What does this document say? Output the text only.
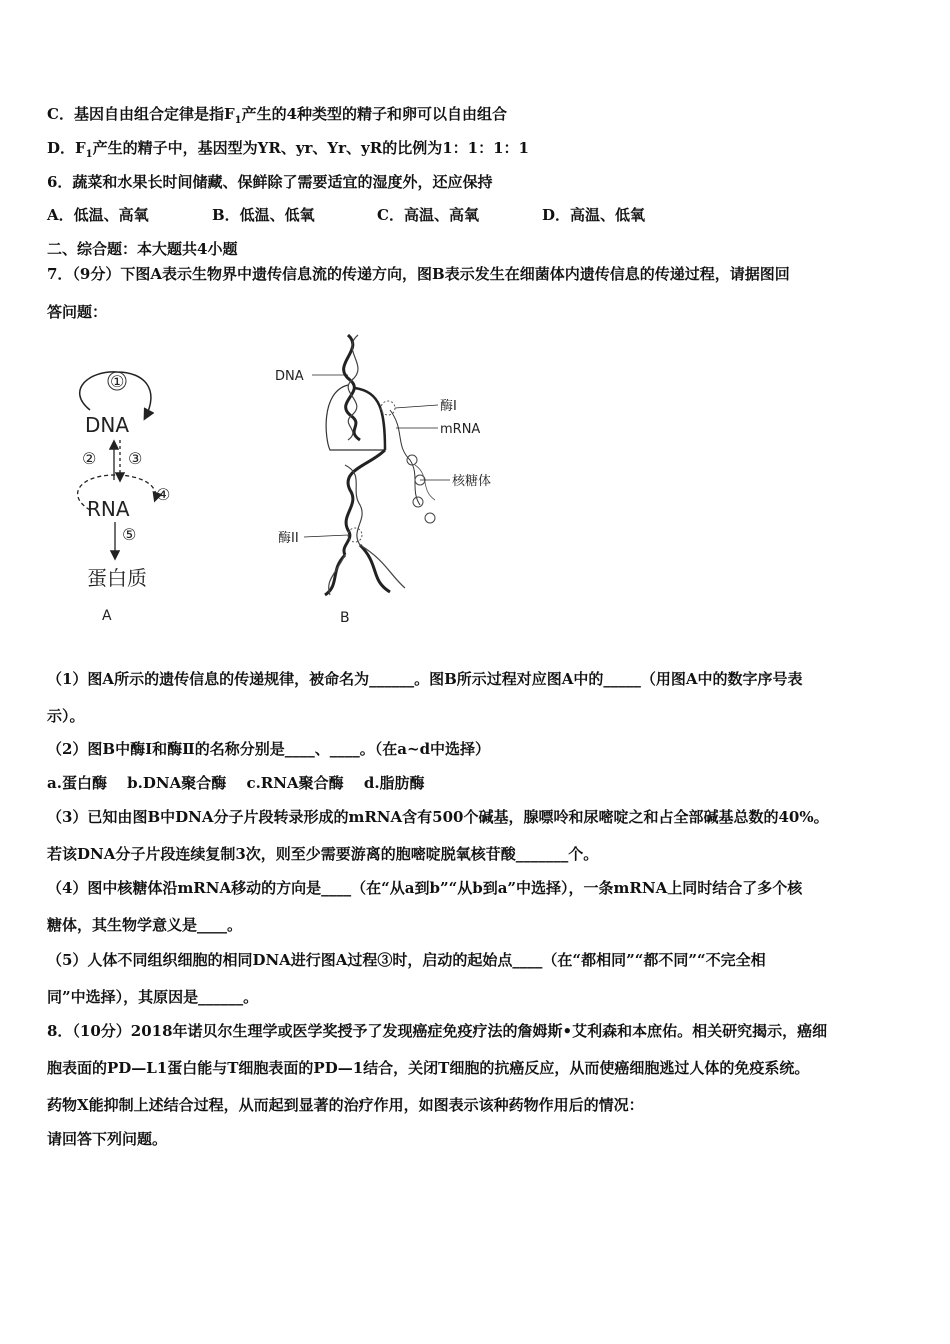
C．基因自由组合定律是指$F_1$产生的4种类型的精子和卵可以自由组合
D．$F_1$产生的精子中，基因型为YR、yr、Yr、yR的比例为1：1：1：1
6．蔬菜和水果长时间储藏、保鲜除了需要适宜的湿度外，还应保持
A．低温、高氧	B．低温、低氧	C．高温、高氧	D．高温、低氧
二、综合题：本大题共4小题
7．（9分）下图A表示生物界中遗传信息流的传递方向，图B表示发生在细菌体内遗传信息的传递过程，请据图回
答问题：
①
DNA
② ③
④
RNA
⑤
蛋白质
A
酶I
mRNA
核糖体
DNA
酶II
B
（1）图A所示的遗传信息的传递规律，被命名为______。图B所示过程对应图A中的_____（用图A中的数字序号表
示）。
（2）图B中酶Ⅰ和酶Ⅱ的名称分别是____、____。（在a~d中选择）
a.蛋白酶　 b.DNA聚合酶　 c.RNA聚合酶　 d.脂肪酶
（3）已知由图B中DNA分子片段转录形成的mRNA含有500个碱基，腺嘌呤和尿嘧啶之和占全部碱基总数的40%。
若该DNA分子片段连续复制3次，则至少需要游离的胞嘧啶脱氧核苷酸_______个。
（4）图中核糖体沿mRNA移动的方向是____（在“从a到b”“从b到a”中选择），一条mRNA上同时结合了多个核
糖体，其生物学意义是____。
（5）人体不同组织细胞的相同DNA进行图A过程③时，启动的起始点____（在“都相同”“都不同”“不完全相
同”中选择），其原因是______。
8．（10分）2018年诺贝尔生理学或医学奖授予了发现癌症免疫疗法的詹姆斯•艾利森和本庶佑。相关研究揭示，癌细
胞表面的PD—L1蛋白能与T细胞表面的PD—1结合，关闭T细胞的抗癌反应，从而使癌细胞逃过人体的免疫系统。
药物X能抑制上述结合过程，从而起到显著的治疗作用，如图表示该种药物作用后的情况：
请回答下列问题。
